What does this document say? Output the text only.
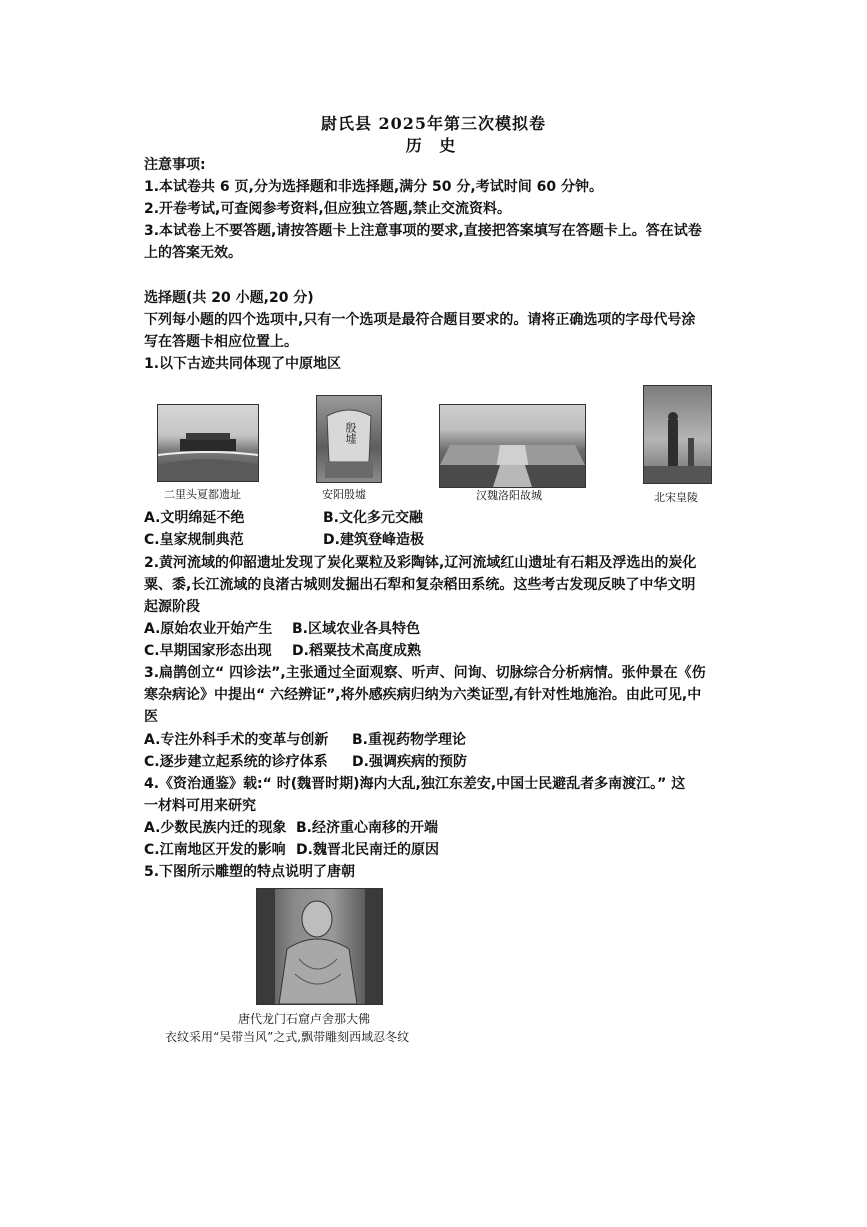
尉氏县 2025年第三次模拟卷
历 史
注意事项:
1.本试卷共 6 页,分为选择题和非选择题,满分 50 分,考试时间 60 分钟。
2.开卷考试,可查阅参考资料,但应独立答题,禁止交流资料。
3.本试卷上不要答题,请按答题卡上注意事项的要求,直接把答案填写在答题卡上。答在试卷
上的答案无效。
选择题(共 20 小题,20 分)
下列每小题的四个选项中,只有一个选项是最符合题目要求的。请将正确选项的字母代号涂
写在答题卡相应位置上。
1.以下古迹共同体现了中原地区
二里头夏都遗址
殷墟
安阳殷墟	汉魏洛阳故城	北宋皇陵
A.文明绵延不绝	B.文化多元交融
C.皇家规制典范	D.建筑登峰造极
2.黄河流域的仰韶遗址发现了炭化粟粒及彩陶钵,辽河流域红山遗址有石耜及浮选出的炭化
粟、黍,长江流域的良渚古城则发掘出石犁和复杂稻田系统。这些考古发现反映了中华文明
起源阶段
A.原始农业开始产生 B.区域农业各具特色
C.早期国家形态出现 D.稻粟技术高度成熟
3.扁鹊创立“ 四诊法”,主张通过全面观察、听声、问询、切脉综合分析病情。张仲景在《伤
寒杂病论》中提出“ 六经辨证”,将外感疾病归纳为六类证型,有针对性地施治。由此可见,中
医
A.专注外科手术的变革与创新 B.重视药物学理论
C.逐步建立起系统的诊疗体系 D.强调疾病的预防
4.《资治通鉴》载:“ 时(魏晋时期)海内大乱,独江东差安,中国士民避乱者多南渡江。” 这
一材料可用来研究
A.少数民族内迁的现象 B.经济重心南移的开端
C.江南地区开发的影响 D.魏晋北民南迁的原因
5.下图所示雕塑的特点说明了唐朝
唐代龙门石窟卢舍那大佛
衣纹采用“吴带当风”之式,飘带雕刻西域忍冬纹
